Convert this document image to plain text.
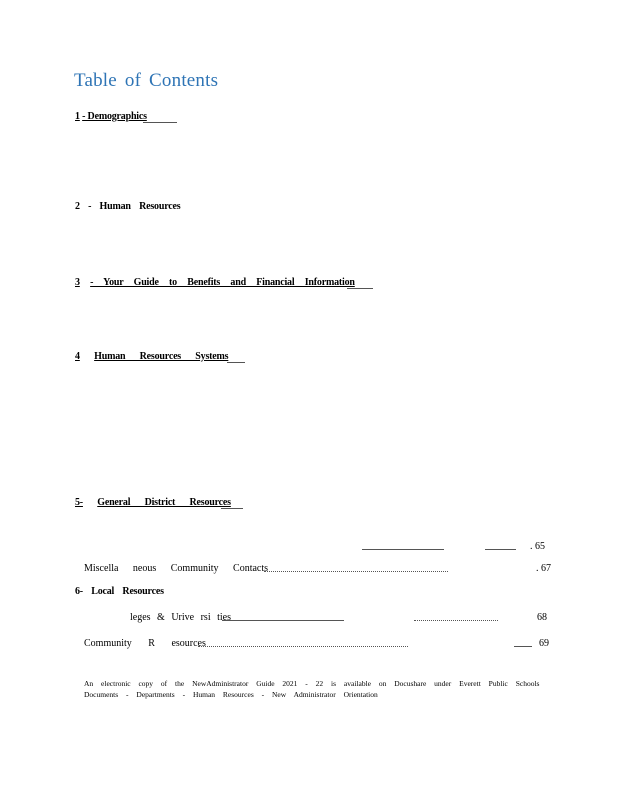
Table of Contents
1 - Demographics
2 - Human Resources
3 - Your Guide to Benefits and Financial Information
4 Human Resources Systems
5- General District Resources
. 65
Miscella neous Community Contacts	. 67
6- Local Resources
leges & Urive rsi ties	68
Community R esources	69
An electronic copy of the NewAdministrator Guide 2021 - 22 is available on Docushare under Everett Public Schools Documents - Departments - Human Resources - New Administrator Orientation
